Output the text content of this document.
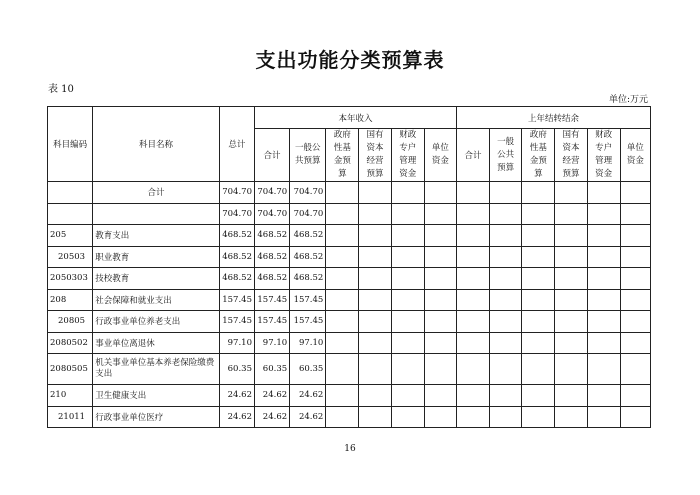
支出功能分类预算表
表 10
单位:万元
科目编码	科目名称	总计	本年收入						上年结转结余					
			合计	一般公
共预算	政府
性基
金预
算	国有
资本
经营
预算	财政
专户
管理
资金	单位
资金	合计	一般
公共
预算	政府
性基
金预
算	国有
资本
经营
预算	财政
专户
管理
资金	单位
资金
	合计	704.70	704.70	704.70										
		704.70	704.70	704.70										
205	教育支出	468.52	468.52	468.52										
20503	职业教育	468.52	468.52	468.52										
2050303	技校教育	468.52	468.52	468.52										
208	社会保障和就业支出	157.45	157.45	157.45										
20805	行政事业单位养老支出	157.45	157.45	157.45										
2080502	事业单位离退休	97.10	97.10	97.10										
2080505	机关事业单位基本养老保险缴费支出	60.35	60.35	60.35										
210	卫生健康支出	24.62	24.62	24.62										
21011	行政事业单位医疗	24.62	24.62	24.62										
16
